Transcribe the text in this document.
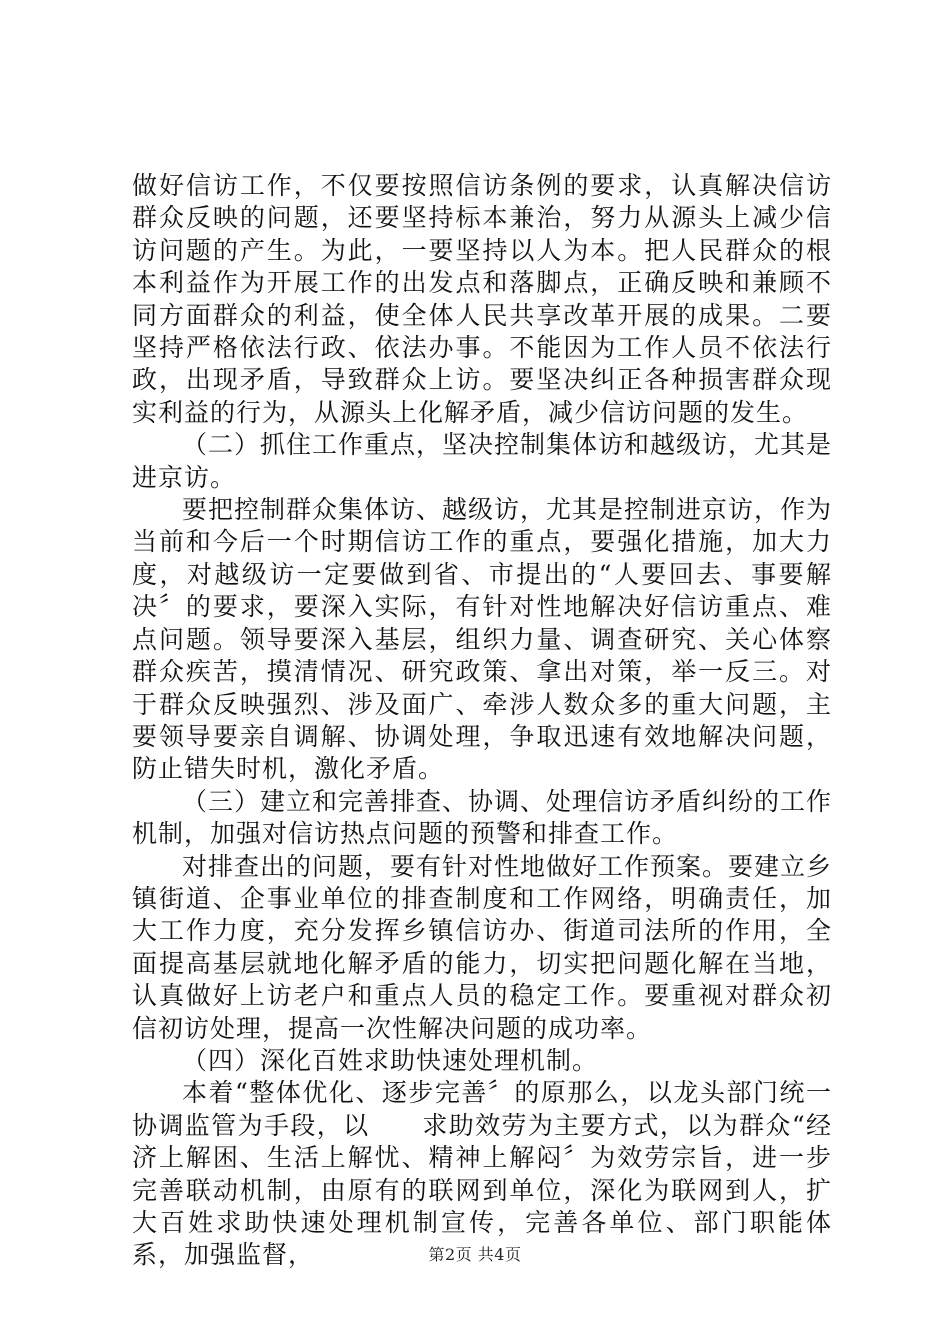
做好信访工作，不仅要按照信访条例的要求，认真解决信访群众反映的问题，还要坚持标本兼治，努力从源头上减少信访问题的产生。为此，一要坚持以人为本。把人民群众的根本利益作为开展工作的出发点和落脚点，正确反映和兼顾不同方面群众的利益，使全体人民共享改革开展的成果。二要坚持严格依法行政、依法办事。不能因为工作人员不依法行政，出现矛盾，导致群众上访。要坚决纠正各种损害群众现实利益的行为，从源头上化解矛盾，减少信访问题的发生。

（二）抓住工作重点，坚决控制集体访和越级访，尤其是进京访。

要把控制群众集体访、越级访，尤其是控制进京访，作为当前和今后一个时期信访工作的重点，要强化措施，加大力度，对越级访一定要做到省、市提出的“人要回去、事要解决〞的要求，要深入实际，有针对性地解决好信访重点、难点问题。领导要深入基层，组织力量、调查研究、关心体察群众疾苦，摸清情况、研究政策、拿出对策，举一反三。对于群众反映强烈、涉及面广、牵涉人数众多的重大问题，主要领导要亲自调解、协调处理，争取迅速有效地解决问题，防止错失时机，激化矛盾。

（三）建立和完善排查、协调、处理信访矛盾纠纷的工作机制，加强对信访热点问题的预警和排查工作。

对排查出的问题，要有针对性地做好工作预案。要建立乡镇街道、企事业单位的排查制度和工作网络，明确责任，加大工作力度，充分发挥乡镇信访办、街道司法所的作用，全面提高基层就地化解矛盾的能力，切实把问题化解在当地，认真做好上访老户和重点人员的稳定工作。要重视对群众初信初访处理，提高一次性解决问题的成功率。

（四）深化百姓求助快速处理机制。

本着“整体优化、逐步完善〞的原那么，以龙头部门统一协调监管为手段，以　　求助效劳为主要方式，以为群众“经济上解困、生活上解忧、精神上解闷〞为效劳宗旨，进一步完善联动机制，由原有的联网到单位，深化为联网到人，扩大百姓求助快速处理机制宣传，完善各单位、部门职能体系，加强监督，	第2页 共4页
